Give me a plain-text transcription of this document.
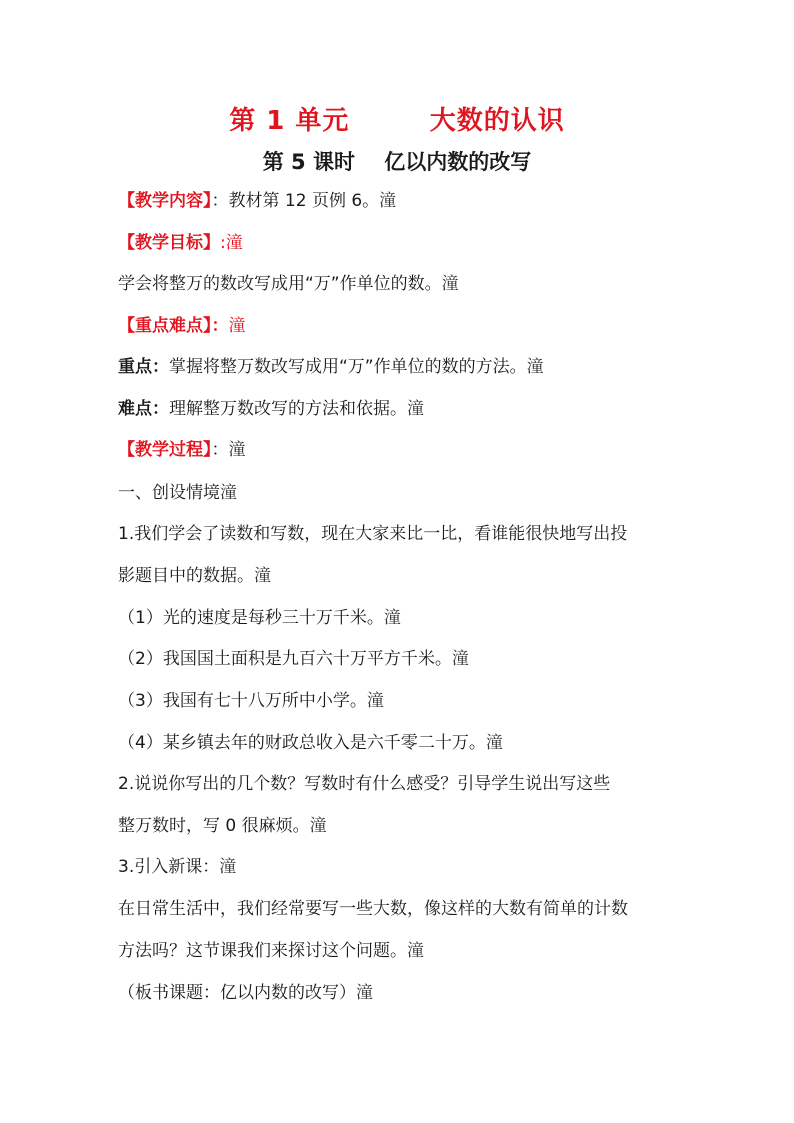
第 1 单元        大数的认识
第 5 课时    亿以内数的改写
【教学内容】：教材第 12 页例 6。潼
【教学目标】:潼
学会将整万的数改写成用“万”作单位的数。潼
【重点难点】：潼
重点：掌握将整万数改写成用“万”作单位的数的方法。潼
难点：理解整万数改写的方法和依据。潼
【教学过程】：潼
一、创设情境潼
1.我们学会了读数和写数，现在大家来比一比，看谁能很快地写出投
影题目中的数据。潼
（1）光的速度是每秒三十万千米。潼
（2）我国国土面积是九百六十万平方千米。潼
（3）我国有七十八万所中小学。潼
（4）某乡镇去年的财政总收入是六千零二十万。潼
2.说说你写出的几个数？写数时有什么感受？引导学生说出写这些
整万数时，写 0 很麻烦。潼
3.引入新课：潼
在日常生活中，我们经常要写一些大数，像这样的大数有简单的计数
方法吗？这节课我们来探讨这个问题。潼
（板书课题：亿以内数的改写）潼
